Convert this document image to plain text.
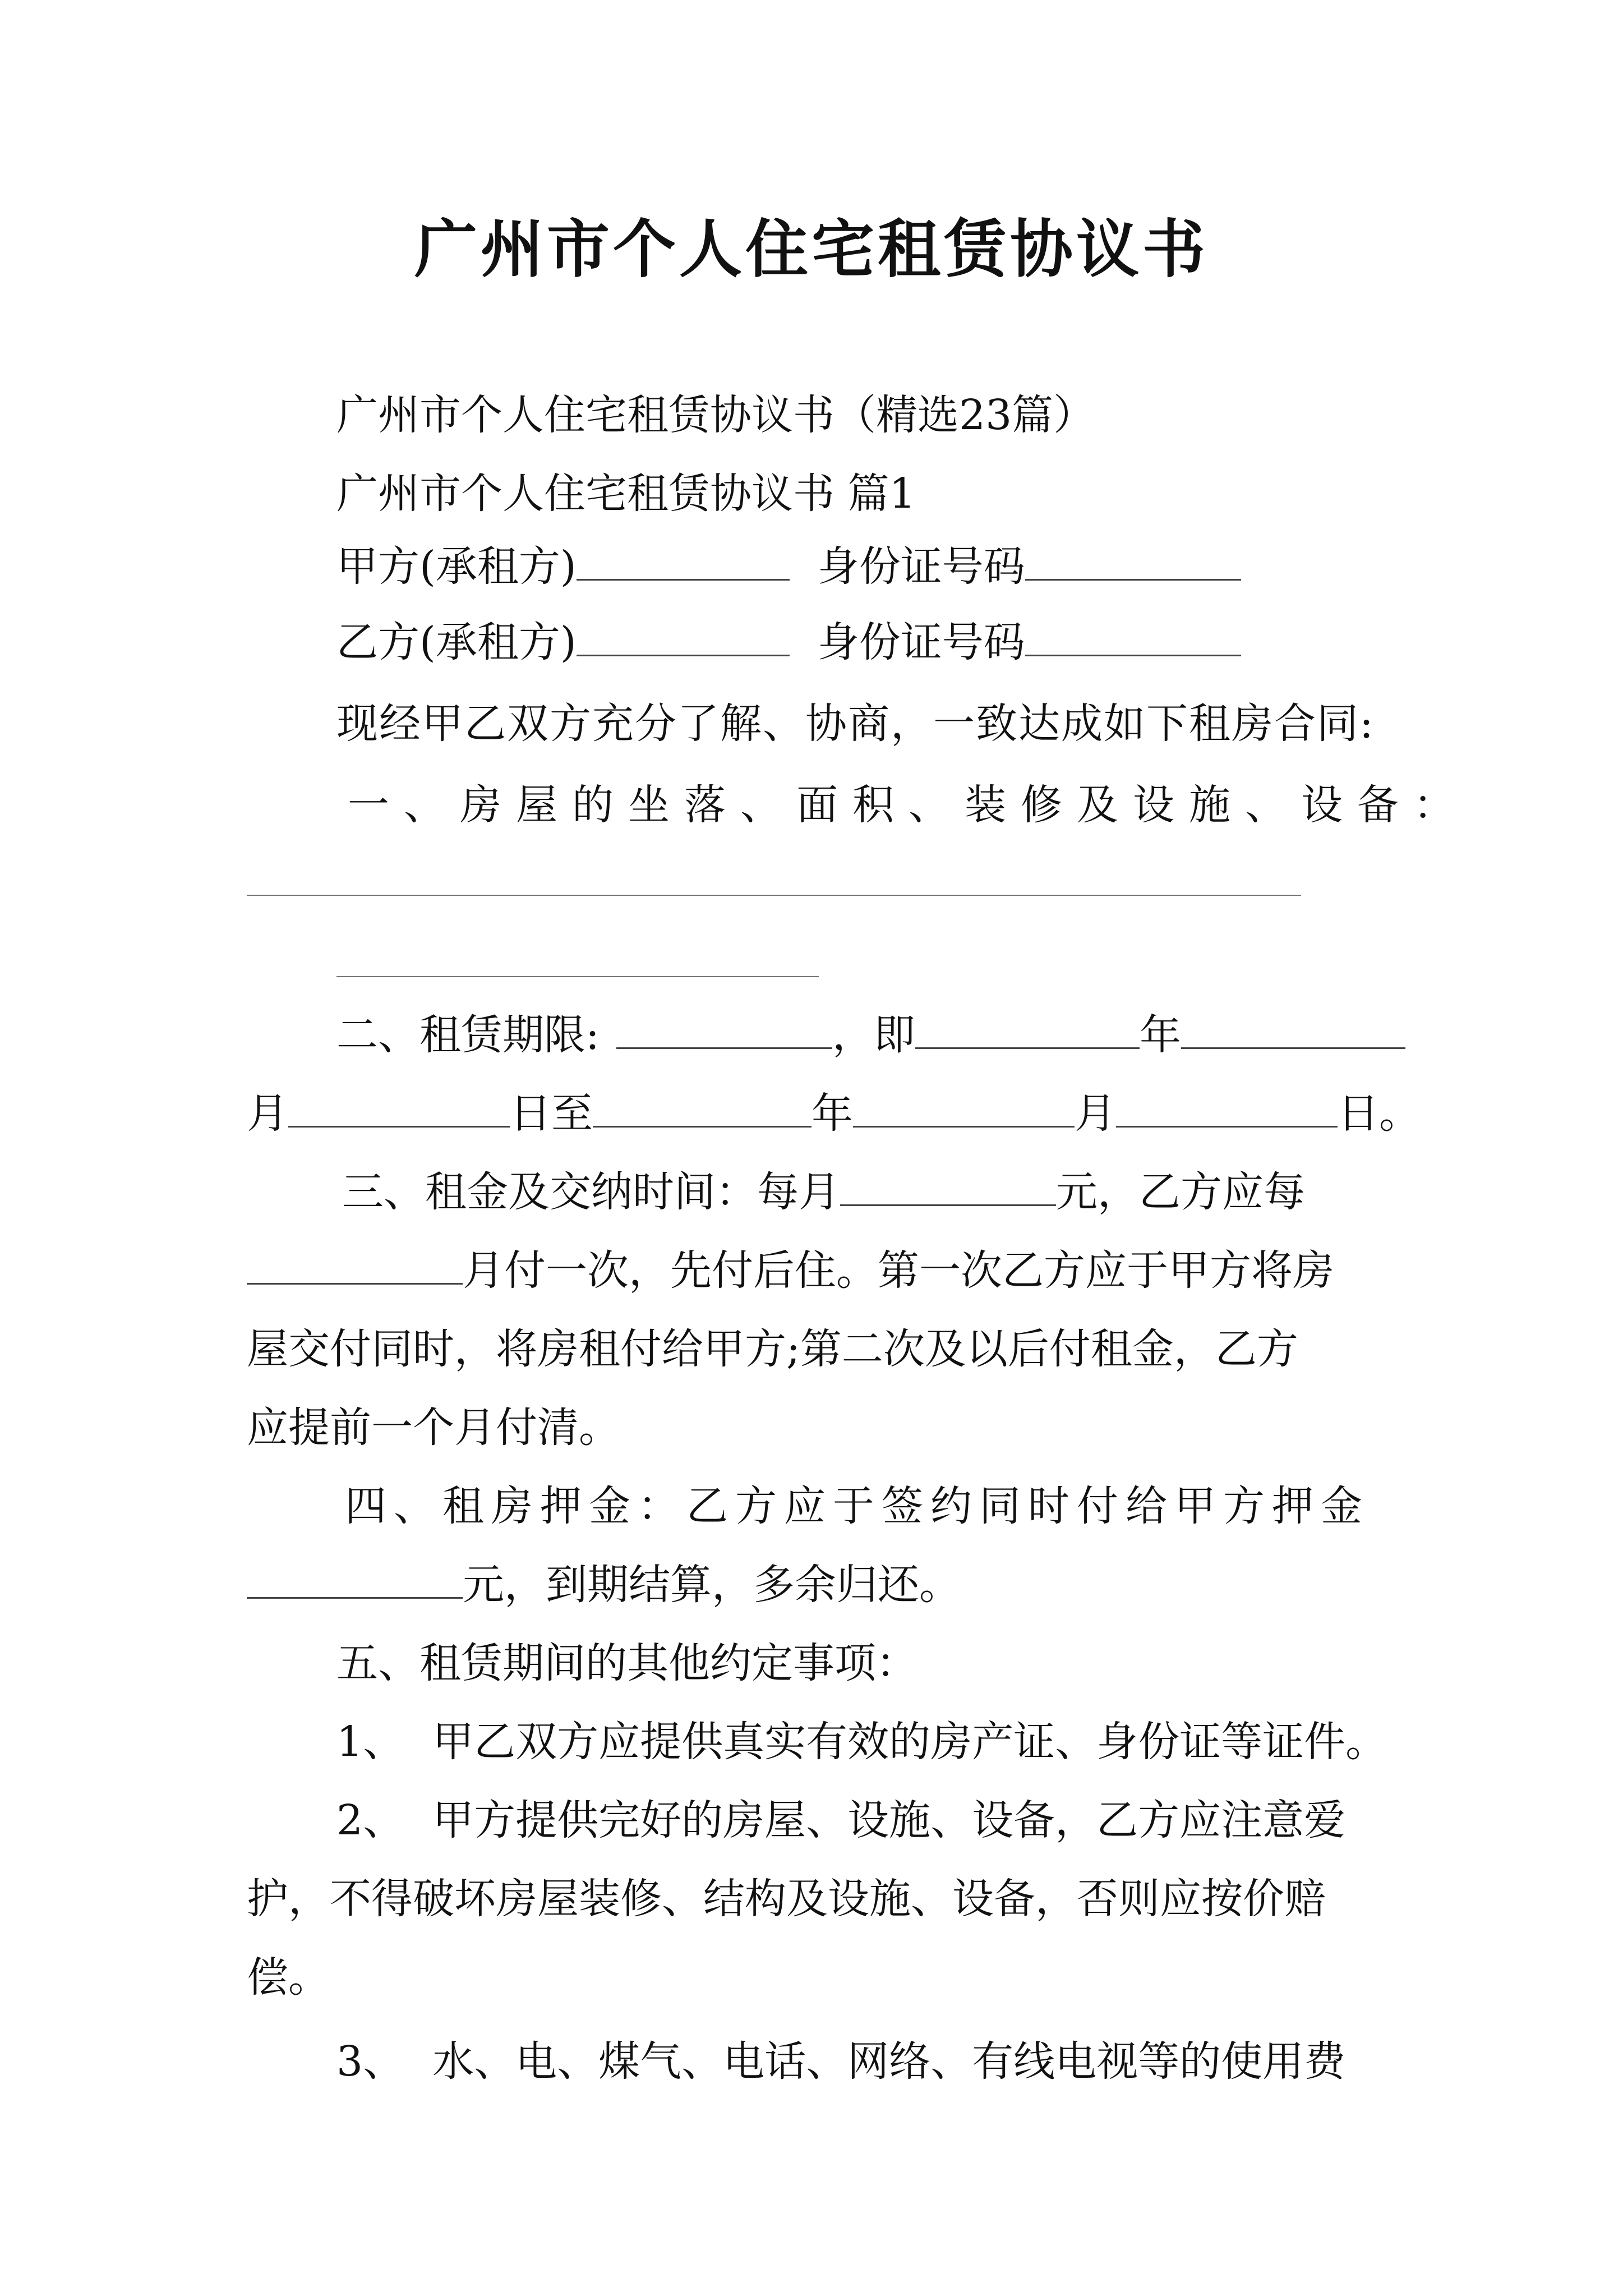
广州市个人住宅租赁协议书
广州市个人住宅租赁协议书（精选23篇）
广州市个人住宅租赁协议书 篇1
甲方(承租方)	身份证号码
乙方(承租方)	身份证号码
现经甲乙双方充分了解、协商，一致达成如下租房合同:
一、房屋的坐落、面积、装修及设施、设备：
二、租赁期限:	，即	年
月	日至	年	月	日。
三、租金及交纳时间：每月	元，乙方应每
月付一次，先付后住。第一次乙方应于甲方将房
屋交付同时，将房租付给甲方;第二次及以后付租金，乙方
应提前一个月付清。
四、租房押金：乙方应于签约同时付给甲方押金
元，到期结算，多余归还。
五、租赁期间的其他约定事项：
1、 甲乙双方应提供真实有效的房产证、身份证等证件。
2、 甲方提供完好的房屋、设施、设备，乙方应注意爱
护，不得破坏房屋装修、结构及设施、设备，否则应按价赔
偿。
3、 水、电、煤气、电话、网络、有线电视等的使用费
